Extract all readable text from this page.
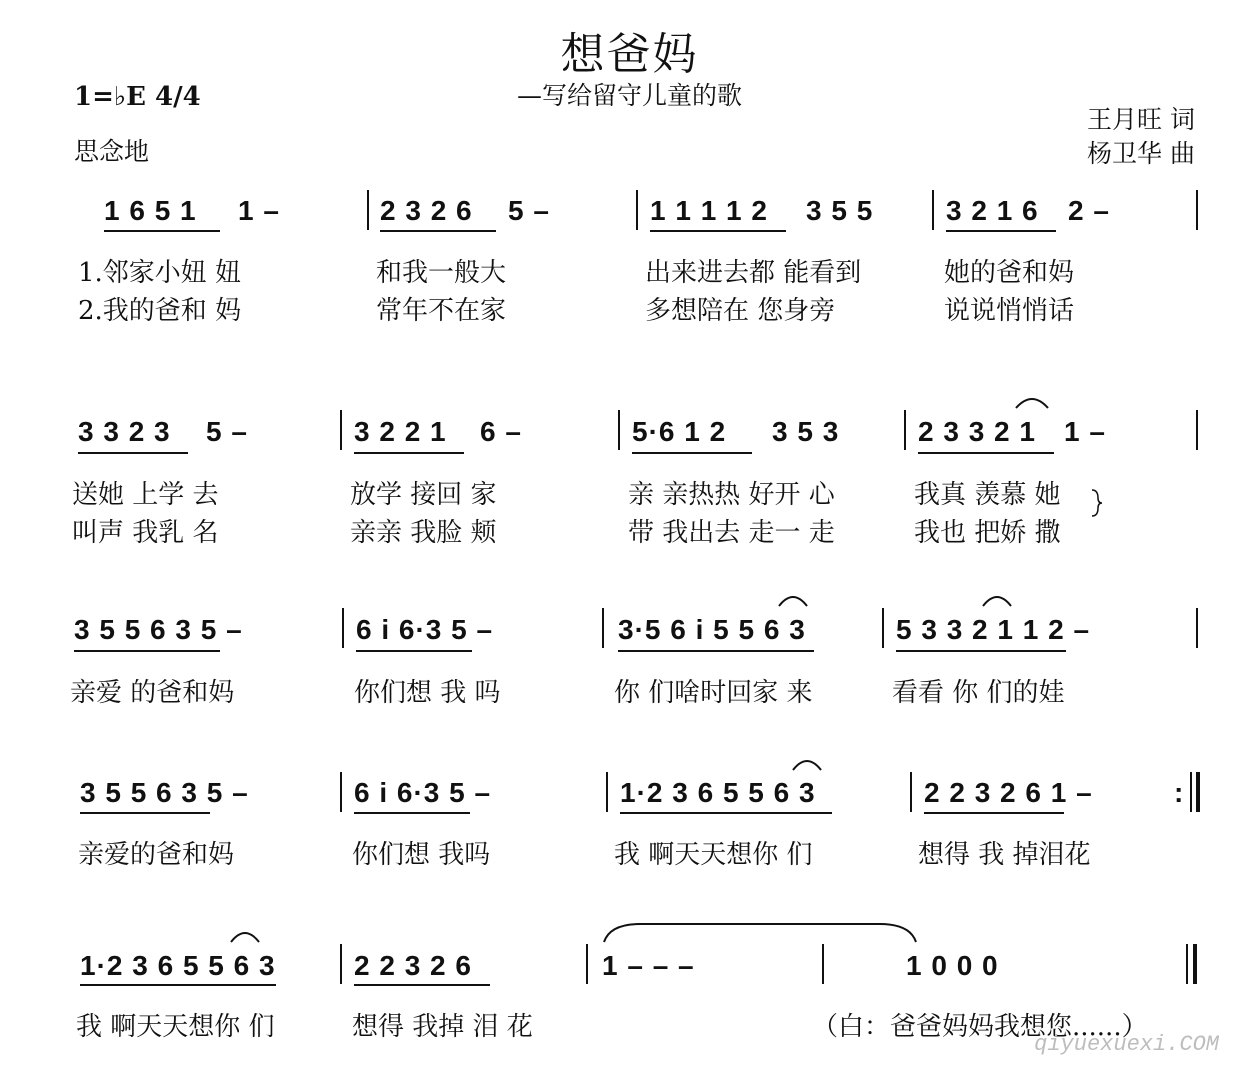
想爸妈
—写给留守儿童的歌
1=♭E 4/4
思念地
王月旺 词
杨卫华 曲
1 6 5 1 1 –	2 3 2 6 5 –	1 1 1 1 2 3 5 5	3 2 1 6 2 –
1.邻家小妞 妞	和我一般大	出来进去都 能看到	她的爸和妈
2.我的爸和 妈	常年不在家	多想陪在 您身旁	说说悄悄话
3 3 2 3 5 –	3 2 2 1 6 –	5·6 1 2 3 5 3	2 3 3 2 1 1 –
送她 上学 去	放学 接回 家	亲 亲热热 好开 心	我真 羡慕 她
叫声 我乳 名	亲亲 我脸 颊	带 我出去 走一 走	我也 把娇 撒
3 5 5 6 3 5 –	6 i 6·3 5 –	3·5 6 i 5 5 6 3	5 3 3 2 1 1 2 –
亲爱 的爸和妈	你们想 我 吗	你 们啥时回家 来	看看 你 们的娃
3 5 5 6 3 5 –	6 i 6·3 5 –	1·2 3 6 5 5 6 3	2 2 3 2 6 1 –	:
亲爱的爸和妈	你们想 我吗	我 啊天天想你 们	想得 我 掉泪花
1·2 3 6 5 5 6 3	2 2 3 2 6	1 – – –	1 0 0 0
我 啊天天想你 们	想得 我掉 泪 花	（白：爸爸妈妈我想您......）
qiyuexuexi.COM
